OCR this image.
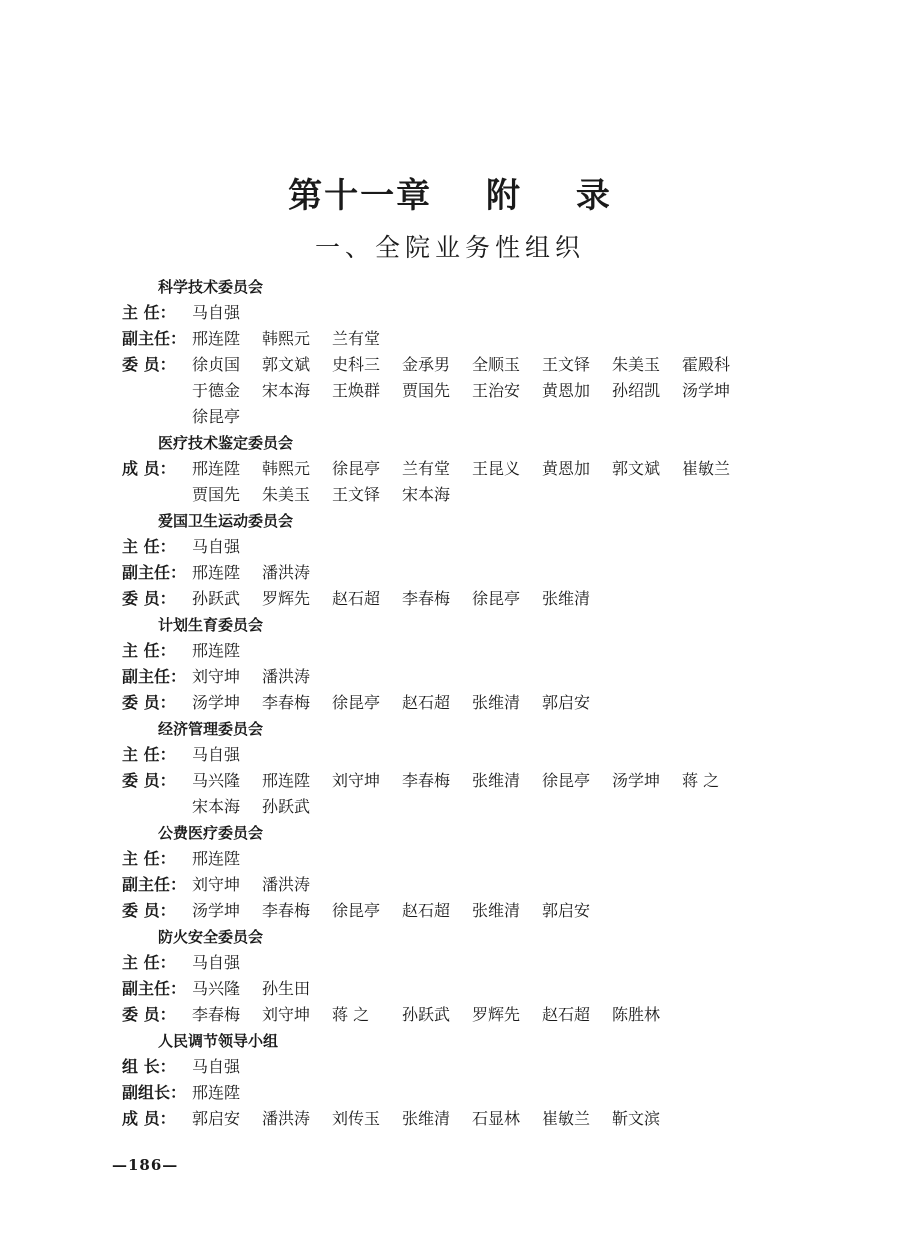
第十一章 附 录
一、全院业务性组织
科学技术委员会
主 任：	马自强
副主任： 邢连陞	韩熙元	兰有堂
委 员：	徐贞国	郭文斌	史科三	金承男	全顺玉	王文铎	朱美玉	霍殿科
于德金	宋本海	王焕群	贾国先	王治安	黄恩加	孙绍凯	汤学坤
徐昆亭
医疗技术鉴定委员会
成 员：	邢连陞	韩熙元	徐昆亭	兰有堂	王昆义	黄恩加	郭文斌	崔敏兰
贾国先	朱美玉	王文铎	宋本海
爱国卫生运动委员会
主 任：	马自强
副主任： 邢连陞	潘洪涛
委 员：	孙跃武	罗辉先	赵石超	李春梅	徐昆亭	张维清
计划生育委员会
主 任：	邢连陞
副主任： 刘守坤	潘洪涛
委 员：	汤学坤	李春梅	徐昆亭	赵石超	张维清	郭启安
经济管理委员会
主 任：	马自强
委 员：	马兴隆	邢连陞	刘守坤	李春梅	张维清	徐昆亭	汤学坤	蒋 之
宋本海	孙跃武
公费医疗委员会
主 任：	邢连陞
副主任： 刘守坤	潘洪涛
委 员：	汤学坤	李春梅	徐昆亭	赵石超	张维清	郭启安
防火安全委员会
主 任：	马自强
副主任： 马兴隆	孙生田
委 员：	李春梅	刘守坤	蒋 之	孙跃武	罗辉先	赵石超	陈胜林
人民调节领导小组
组 长：	马自强
副组长： 邢连陞
成 员：	郭启安	潘洪涛	刘传玉	张维清	石显林	崔敏兰	靳文滨
—186—
